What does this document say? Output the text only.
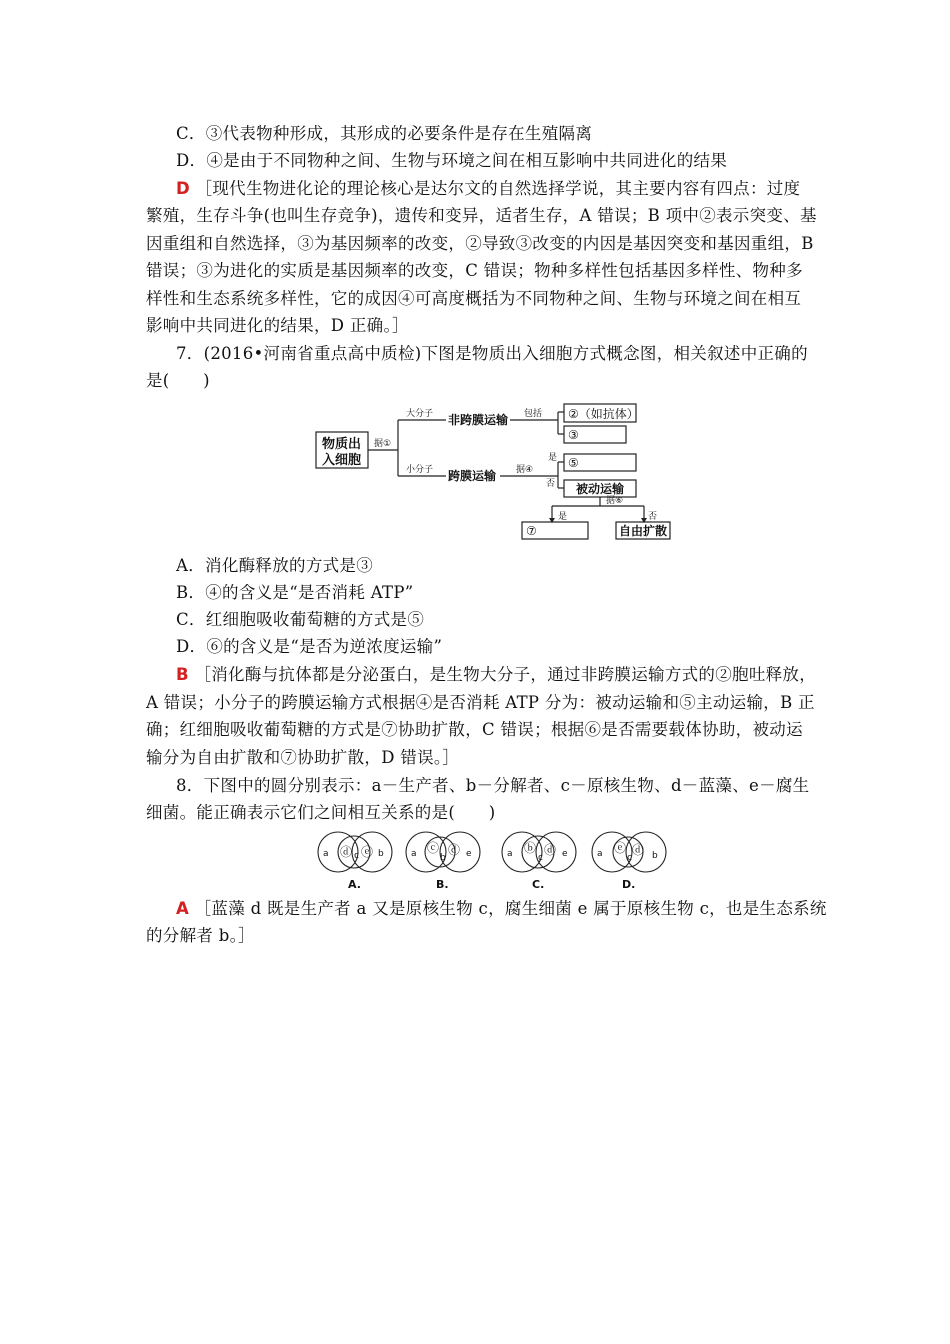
C．③代表物种形成，其形成的必要条件是存在生殖隔离
D．④是由于不同物种之间、生物与环境之间在相互影响中共同进化的结果
D ［现代生物进化论的理论核心是达尔文的自然选择学说，其主要内容有四点：过度
繁殖，生存斗争(也叫生存竞争)，遗传和变异，适者生存，A 错误；B 项中②表示突变、基
因重组和自然选择，③为基因频率的改变，②导致③改变的内因是基因突变和基因重组，B
错误；③为进化的实质是基因频率的改变，C 错误；物种多样性包括基因多样性、物种多
样性和生态系统多样性，它的成因④可高度概括为不同物种之间、生物与环境之间在相互
影响中共同进化的结果，D 正确。］
7．(2016•河南省重点高中质检)下图是物质出入细胞方式概念图，相关叙述中正确的
是(　　)
物质出
入细胞
据①
大分子
小分子
非跨膜运输
跨膜运输
包括 ②（如抗体）
③
据④
是
否
⑤
被动运输
据⑥
是	否
⑦	自由扩散
A．消化酶释放的方式是③
B．④的含义是“是否消耗 ATP”
C．红细胞吸收葡萄糖的方式是⑤
D．⑥的含义是“是否为逆浓度运输”
B ［消化酶与抗体都是分泌蛋白，是生物大分子，通过非跨膜运输方式的②胞吐释放，
A 错误；小分子的跨膜运输方式根据④是否消耗 ATP 分为：被动运输和⑤主动运输，B 正
确；红细胞吸收葡萄糖的方式是⑦协助扩散，C 错误；根据⑥是否需要载体协助，被动运
输分为自由扩散和⑦协助扩散，D 错误。］
8．下图中的圆分别表示：a－生产者、b－分解者、c－原核生物、d－蓝藻、e－腐生
细菌。能正确表示它们之间相互关系的是(　　)
a ⓓ c ⓔ b
A.
a ⓒ
b
ⓓ e
B.
a ⓑ
c
ⓓ e
C.
a ⓔ
c
ⓓ b
D.
A ［蓝藻 d 既是生产者 a 又是原核生物 c，腐生细菌 e 属于原核生物 c，也是生态系统
的分解者 b。］
